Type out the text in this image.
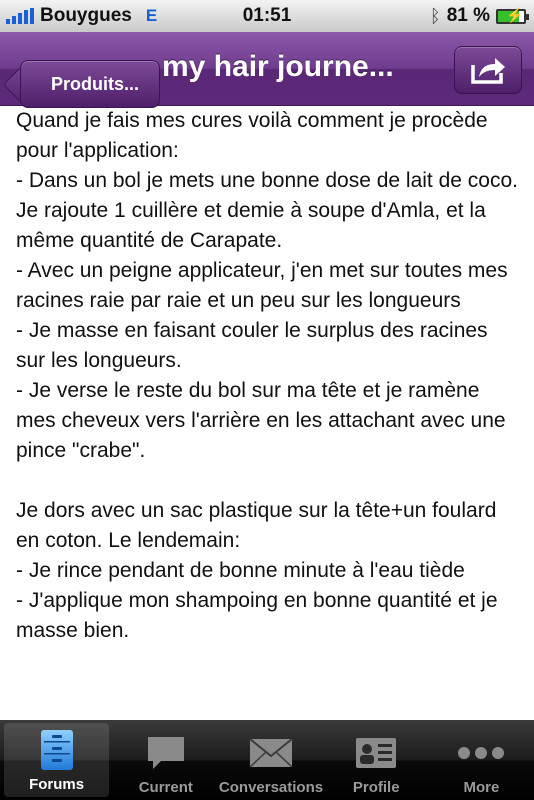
Bouygues E	01:51	ᛒ 81 % ⚡
Produits...
my hair journe...
Quand je fais mes cures voilà comment je procède pour l'application:
- Dans un bol je mets une bonne dose de lait de coco. Je rajoute 1 cuillère et demie à soupe d'Amla, et la même quantité de Carapate.
- Avec un peigne applicateur, j'en met sur toutes mes racines raie par raie et un peu sur les longueurs
- Je masse en faisant couler le surplus des racines sur les longueurs.
- Je verse le reste du bol sur ma tête et je ramène mes cheveux vers l'arrière en les attachant avec une pince "crabe".

Je dors avec un sac plastique sur la tête+un foulard en coton. Le lendemain:
- Je rince pendant de bonne minute à l'eau tiède
- J'applique mon shampoing en bonne quantité et je masse bien.
Forums	Current Conversations Profile	More
